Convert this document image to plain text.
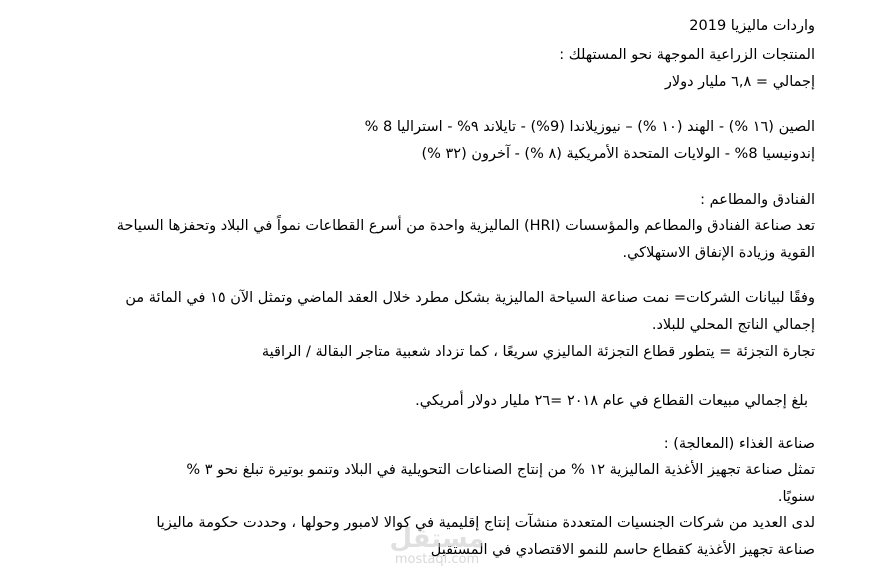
واردات ماليزيا 2019
المنتجات الزراعية الموجهة نحو المستهلك :
إجمالي = ٦,٨ مليار دولار
الصين (١٦ %) - الهند (١٠ %) – نيوزيلاندا (9%) - تايلاند ٩% - استراليا 8 %
إندونيسيا 8% - الولايات المتحدة الأمريكية (٨ %) - آخرون (٣٢ %)
الفنادق والمطاعم :
تعد صناعة الفنادق والمطاعم والمؤسسات (HRI) الماليزية واحدة من أسرع القطاعات نمواً في البلاد وتحفزها السياحة
القوية وزيادة الإنفاق الاستهلاكي.
وفقًا لبيانات الشركات= نمت صناعة السياحة الماليزية بشكل مطرد خلال العقد الماضي وتمثل الآن ١٥ في المائة من
إجمالي الناتج المحلي للبلاد.
تجارة التجزئة = يتطور قطاع التجزئة الماليزي سريعًا ، كما تزداد شعبية متاجر البقالة / الراقية
بلغ إجمالي مبيعات القطاع في عام ٢٠١٨ =٢٦ مليار دولار أمريكي.
صناعة الغذاء (المعالجة) :
تمثل صناعة تجهيز الأغذية الماليزية ١٢ % من إنتاج الصناعات التحويلية في البلاد وتنمو بوتيرة تبلغ نحو ٣ %
سنويًا.
لدى العديد من شركات الجنسيات المتعددة منشآت إنتاج إقليمية في كوالا لامبور وحولها ، وحددت حكومة ماليزيا
صناعة تجهيز الأغذية كقطاع حاسم للنمو الاقتصادي في المستقبل
مستقل
mostaql.com
